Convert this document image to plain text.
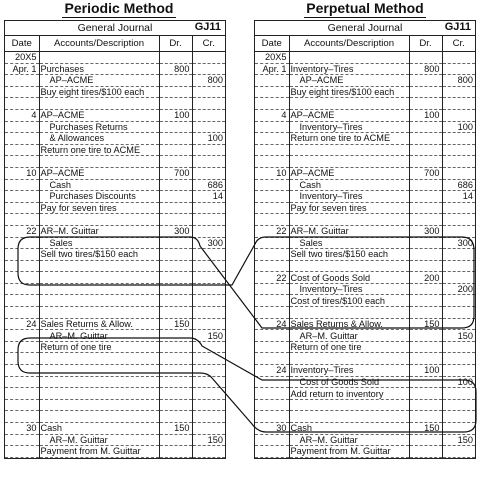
Periodic Method	Perpetual Method
General Journal	GJ11
Date	Accounts/Description	Dr.	Cr.
20X5			
Apr. 1	Purchases	800	
	AP–ACME		800
	Buy eight tires/$100 each		

4	AP–ACME	100	
	Purchases Returns		
	& Allowances		100
	Return one tire to ACME		

10	AP–ACME	700	
	Cash		686
	Purchases Discounts		14
	Pay for seven tires		

22	AR–M. Guittar	300	
	Sales		300
	Sell two tires/$150 each		

24	Sales Returns & Allow.	150	
	AR–M. Guittar		150
	Return of one tire		

30	Cash	150	
	AR–M. Guittar		150
	Payment from M. Guittar		
General Journal	GJ11
Date	Accounts/Description	Dr.	Cr.
20X5			
Apr. 1	Inventory–Tires	800	
	AP–ACME		800
	Buy eight tires/$100 each		

4	AP–ACME	100	
	Inventory–Tires		100
	Return one tire to ACME		

10	AP–ACME	700	
	Cash		686
	Inventory–Tires		14
	Pay for seven tires		

22	AR–M. Guittar	300	
	Sales		300
	Sell two tires/$150 each		

22	Cost of Goods Sold	200	
	Inventory–Tires		200
	Cost of tires/$100 each		

24	Sales Returns & Allow.	150	
	AR–M. Guittar		150
	Return of one tire		

24	Inventory–Tires	100	
	Cost of Goods Sold		100
	Add return to inventory		

30	Cash	150	
	AR–M. Guittar		150
	Payment from M. Guittar		
